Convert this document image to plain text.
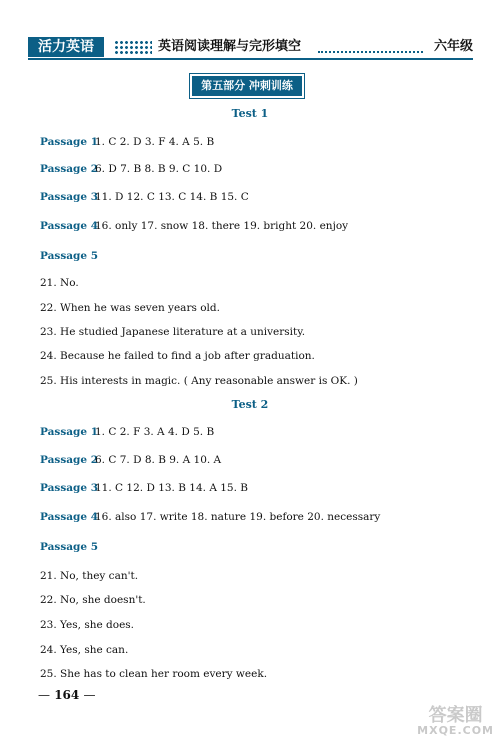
活力英语	英语阅读理解与完形填空	六年级
第五部分 冲刺训练
Test 1
Passage 11. C 2. D 3. F 4. A 5. B
Passage 26. D 7. B 8. B 9. C 10. D
Passage 311. D 12. C 13. C 14. B 15. C
Passage 416. only 17. snow 18. there 19. bright 20. enjoy
Passage 5
21. No.
22. When he was seven years old.
23. He studied Japanese literature at a university.
24. Because he failed to find a job after graduation.
25. His interests in magic. ( Any reasonable answer is OK. )
Test 2
Passage 11. C 2. F 3. A 4. D 5. B
Passage 26. C 7. D 8. B 9. A 10. A
Passage 311. C 12. D 13. B 14. A 15. B
Passage 416. also 17. write 18. nature 19. before 20. necessary
Passage 5
21. No, they can't.
22. No, she doesn't.
23. Yes, she does.
24. Yes, she can.
25. She has to clean her room every week.
— 164 —
答案圈
MXQE.COM
